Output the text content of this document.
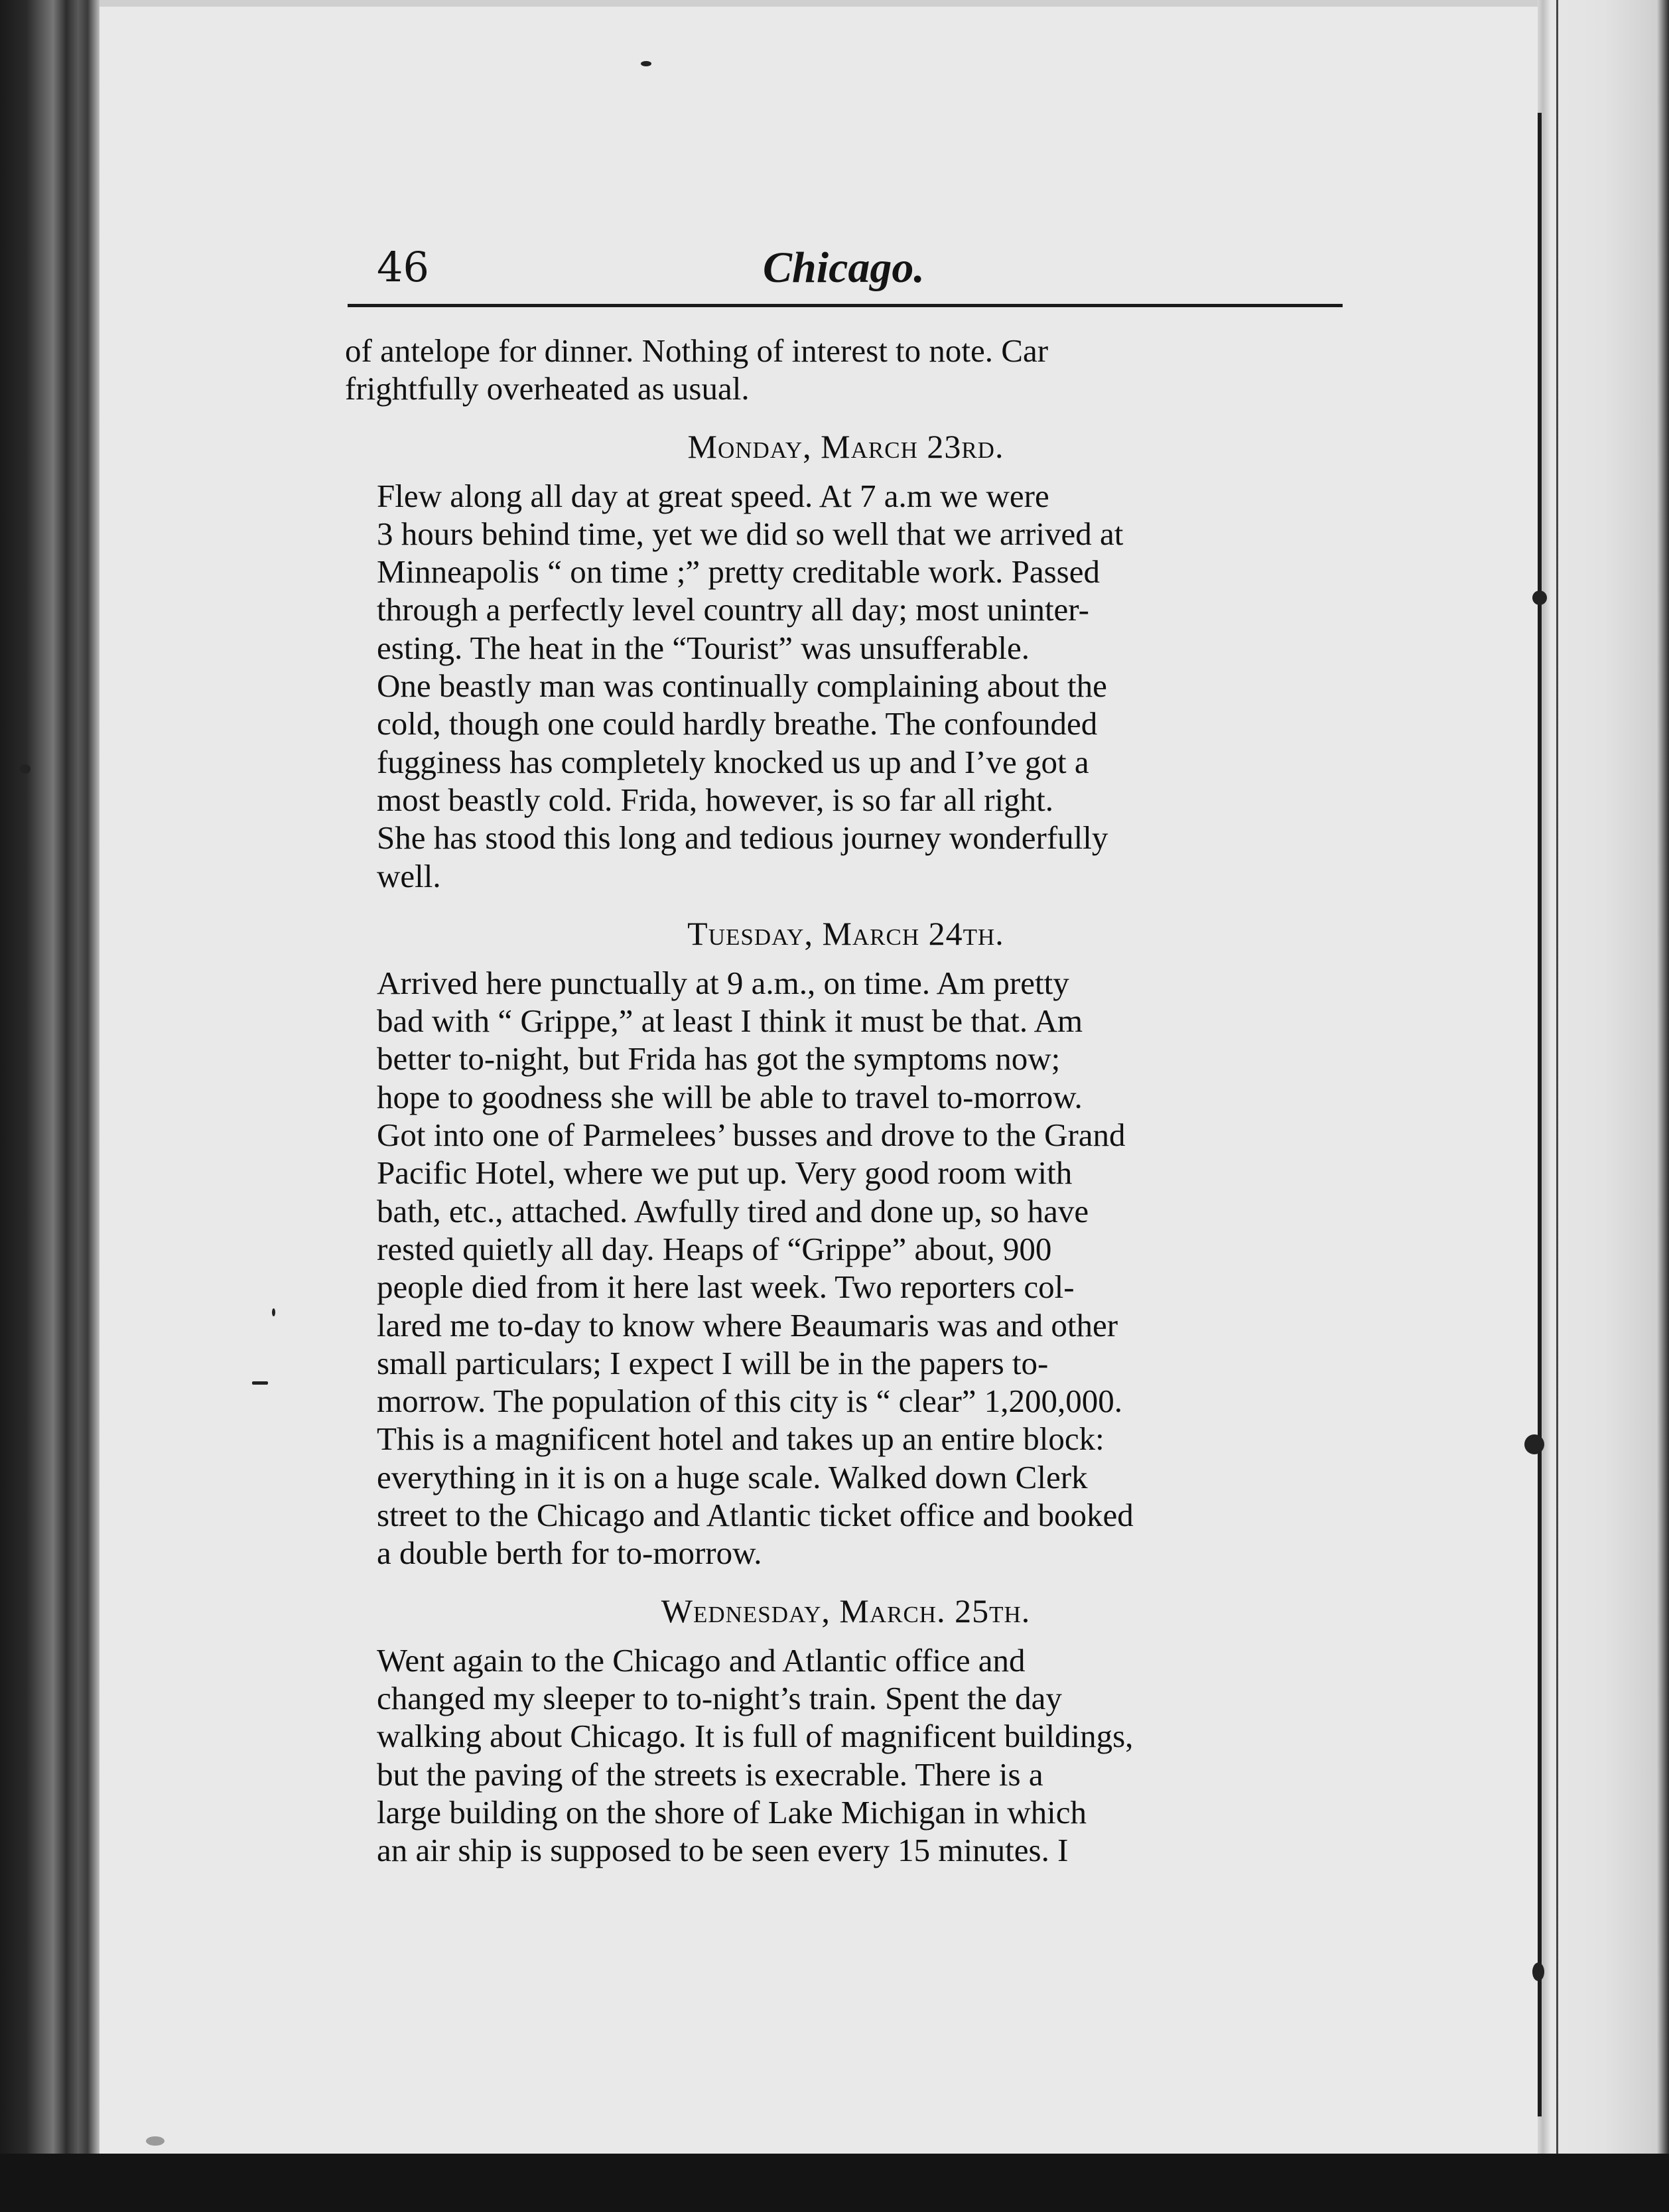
46	Chicago.

of antelope for dinner. Nothing of interest to note. Car
frightfully overheated as usual.

Monday, March 23rd.

Flew along all day at great speed. At 7 a.m we were
3 hours behind time, yet we did so well that we arrived at
Minneapolis “ on time ;” pretty creditable work. Passed
through a perfectly level country all day; most uninter-
esting. The heat in the “Tourist” was unsufferable.
One beastly man was continually complaining about the
cold, though one could hardly breathe. The confounded
fugginess has completely knocked us up and I’ve got a
most beastly cold. Frida, however, is so far all right.
She has stood this long and tedious journey wonderfully
well.

Tuesday, March 24th.

Arrived here punctually at 9 a.m., on time. Am pretty
bad with “ Grippe,” at least I think it must be that. Am
better to-night, but Frida has got the symptoms now;
hope to goodness she will be able to travel to-morrow.
Got into one of Parmelees’ busses and drove to the Grand
Pacific Hotel, where we put up. Very good room with
bath, etc., attached. Awfully tired and done up, so have
rested quietly all day. Heaps of “Grippe” about, 900
people died from it here last week. Two reporters col-
lared me to-day to know where Beaumaris was and other
small particulars; I expect I will be in the papers to-
morrow. The population of this city is “ clear” 1,200,000.
This is a magnificent hotel and takes up an entire block:
everything in it is on a huge scale. Walked down Clerk
street to the Chicago and Atlantic ticket office and booked
a double berth for to-morrow.

Wednesday, March. 25th.

Went again to the Chicago and Atlantic office and
changed my sleeper to to-night’s train. Spent the day
walking about Chicago. It is full of magnificent buildings,
but the paving of the streets is execrable. There is a
large building on the shore of Lake Michigan in which
an air ship is supposed to be seen every 15 minutes. I
